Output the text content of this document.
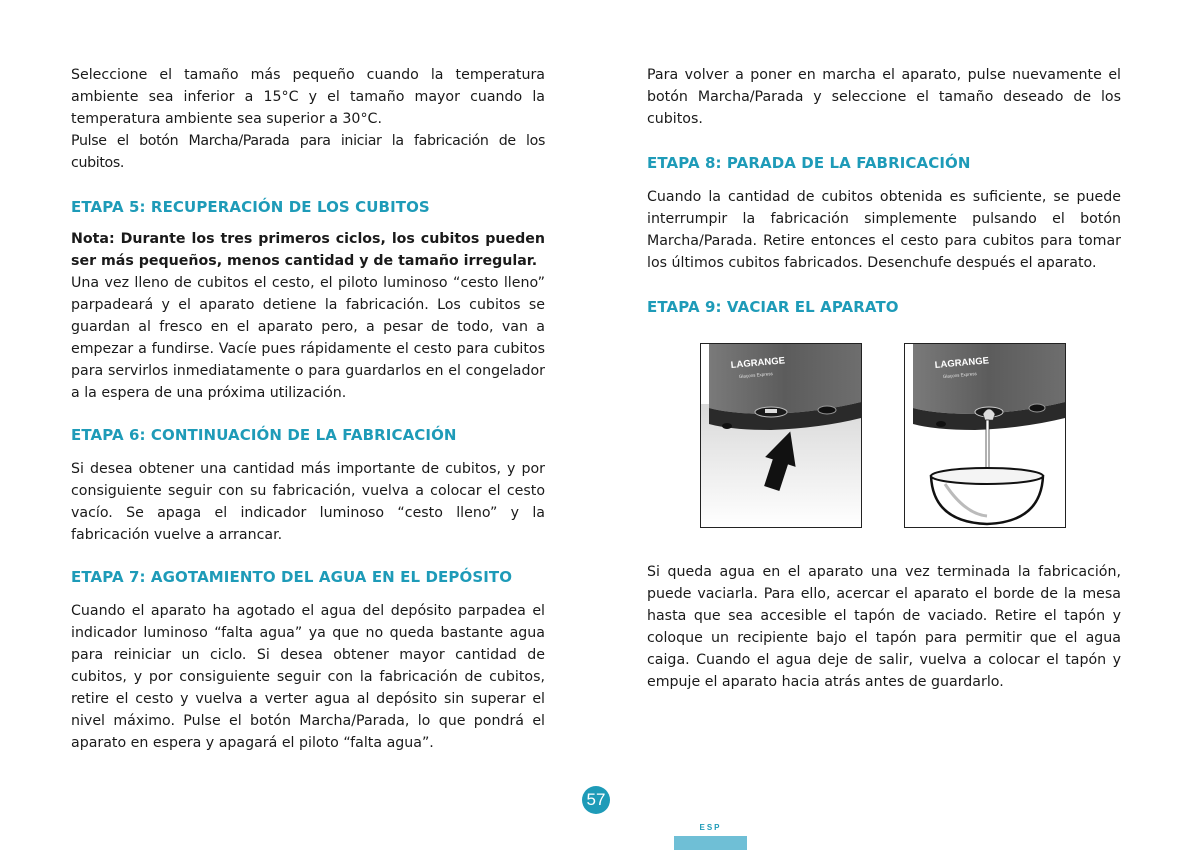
Seleccione el tamaño más pequeño cuando la temperatura ambiente sea inferior a 15°C y el tamaño mayor cuando la temperatura ambiente sea superior a 30°C.

Pulse el botón Marcha/Parada para iniciar la fabricación de los cubitos.

ETAPA 5: RECUPERACIÓN DE LOS CUBITOS

Nota: Durante los tres primeros ciclos, los cubitos pueden ser más pequeños, menos cantidad y de tamaño irregular.

Una vez lleno de cubitos el cesto, el piloto luminoso “cesto lleno” parpadeará y el aparato detiene la fabricación. Los cubitos se guardan al fresco en el aparato pero, a pesar de todo, van a empezar a fundirse. Vacíe pues rápidamente el cesto para cubitos para servirlos inmediatamente o para guardarlos en el congelador a la espera de una próxima utilización.

ETAPA 6: CONTINUACIÓN DE LA FABRICACIÓN

Si desea obtener una cantidad más importante de cubitos, y por consiguiente seguir con su fabricación, vuelva a colocar el cesto vacío. Se apaga el indicador luminoso “cesto lleno” y la fabricación vuelve a arrancar.

ETAPA 7: AGOTAMIENTO DEL AGUA EN EL DEPÓSITO

Cuando el aparato ha agotado el agua del depósito parpadea el indicador luminoso “falta agua” ya que no queda bastante agua para reiniciar un ciclo. Si desea obtener mayor cantidad de cubitos, y por consiguiente seguir con la fabricación de cubitos, retire el cesto y vuelva a verter agua al depósito sin superar el nivel máximo. Pulse el botón Marcha/Parada, lo que pondrá el aparato en espera y apagará el piloto “falta agua”.

Para volver a poner en marcha el aparato, pulse nuevamente el botón Marcha/Parada y seleccione el tamaño deseado de los cubitos.

ETAPA 8: PARADA DE LA FABRICACIÓN

Cuando la cantidad de cubitos obtenida es suficiente, se puede interrumpir la fabricación simplemente pulsando el botón Marcha/Parada. Retire entonces el cesto para cubitos para tomar los últimos cubitos fabricados. Desenchufe después el aparato.

ETAPA 9: VACIAR EL APARATO
LAGRANGE
Glaçons Express
LAGRANGE
Glaçons Express

Si queda agua en el aparato una vez terminada la fabricación, puede vaciarla. Para ello, acercar el aparato el borde de la mesa hasta que sea accesible el tapón de vaciado. Retire el tapón y coloque un recipiente bajo el tapón para permitir que el agua caiga. Cuando el agua deje de salir, vuelva a colocar el tapón y empuje el aparato hacia atrás antes de guardarlo.

57
ESP
